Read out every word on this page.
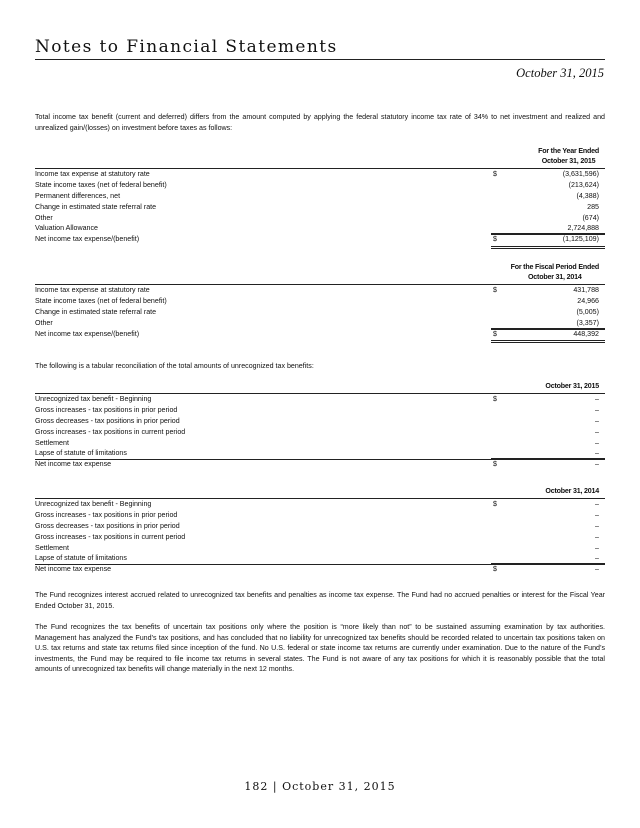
Notes to Financial Statements
October 31, 2015
Total income tax benefit (current and deferred) differs from the amount computed by applying the federal statutory income tax rate of 34% to net investment and realized and unrealized gain/(losses) on investment before taxes as follows:
For the Year Ended
October 31, 2015
Income tax expense at statutory rate	$	(3,631,596)
State income taxes (net of federal benefit)	(213,624)
Permanent differences, net	(4,388)
Change in estimated state referral rate	285
Other	(674)
Valuation Allowance	2,724,888
Net income tax expense/(benefit)	$	(1,125,109)
For the Fiscal Period Ended
October 31, 2014
Income tax expense at statutory rate	$	431,788
State income taxes (net of federal benefit)	24,966
Change in estimated state referral rate	(5,005)
Other	(3,357)
Net income tax expense/(benefit)	$	448,392
The following is a tabular reconciliation of the total amounts of unrecognized tax benefits:
October 31, 2015
Unrecognized tax benefit - Beginning	$	–
Gross increases - tax positions in prior period	–
Gross decreases - tax positions in prior period	–
Gross increases - tax positions in current period	–
Settlement	–
Lapse of statute of limitations	–
Net income tax expense	$	–
October 31, 2014
Unrecognized tax benefit - Beginning	$	–
Gross increases - tax positions in prior period	–
Gross decreases - tax positions in prior period	–
Gross increases - tax positions in current period	–
Settlement	–
Lapse of statute of limitations	–
Net income tax expense	$	–
The Fund recognizes interest accrued related to unrecognized tax benefits and penalties as income tax expense. The Fund had no accrued penalties or interest for the Fiscal Year Ended October 31, 2015.
The Fund recognizes the tax benefits of uncertain tax positions only where the position is “more likely than not” to be sustained assuming examination by tax authorities. Management has analyzed the Fund’s tax positions, and has concluded that no liability for unrecognized tax benefits should be recorded related to uncertain tax positions taken on U.S. tax returns and state tax returns filed since inception of the fund. No U.S. federal or state income tax returns are currently under examination. Due to the nature of the Fund’s investments, the Fund may be required to file income tax returns in several states. The Fund is not aware of any tax positions for which it is reasonably possible that the total amounts of unrecognized tax benefits will change materially in the next 12 months.
182 | October 31, 2015
